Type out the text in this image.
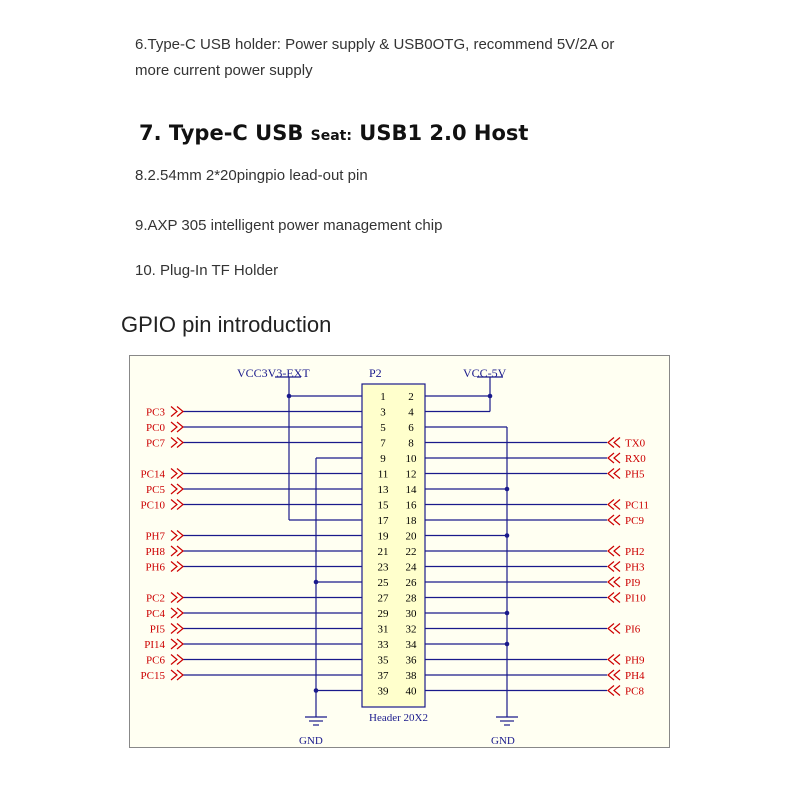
6.Type-C USB holder: Power supply & USB0OTG, recommend 5V/2A or
more current power supply
7. Type-C USB Seat: USB1 2.0 Host
8.2.54mm 2*20pingpio lead-out pin
9.AXP 305 intelligent power management chip
10. Plug-In TF Holder
GPIO pin introduction
1 2
3 4
5 6
7 8
9 10
11 12
13 14
15 16
17 18
19 20
21 22
23 24
25 26
27 28
29 30
31 32
33 34
35 36
37 38
39 40
PC3
PC0
PC7
PC14
PC5
PC10
PH7
PH8
PH6
PC2
PC4
PI5
PI14
PC6
PC15
TX0
RX0
PH5
PC11
PC9
PH2
PH3
PI9
PI10
PI6
PH9
PH4
PC8
P2
Header 20X2
VCC3V3-EXT	VCC-5V
GND	GND
